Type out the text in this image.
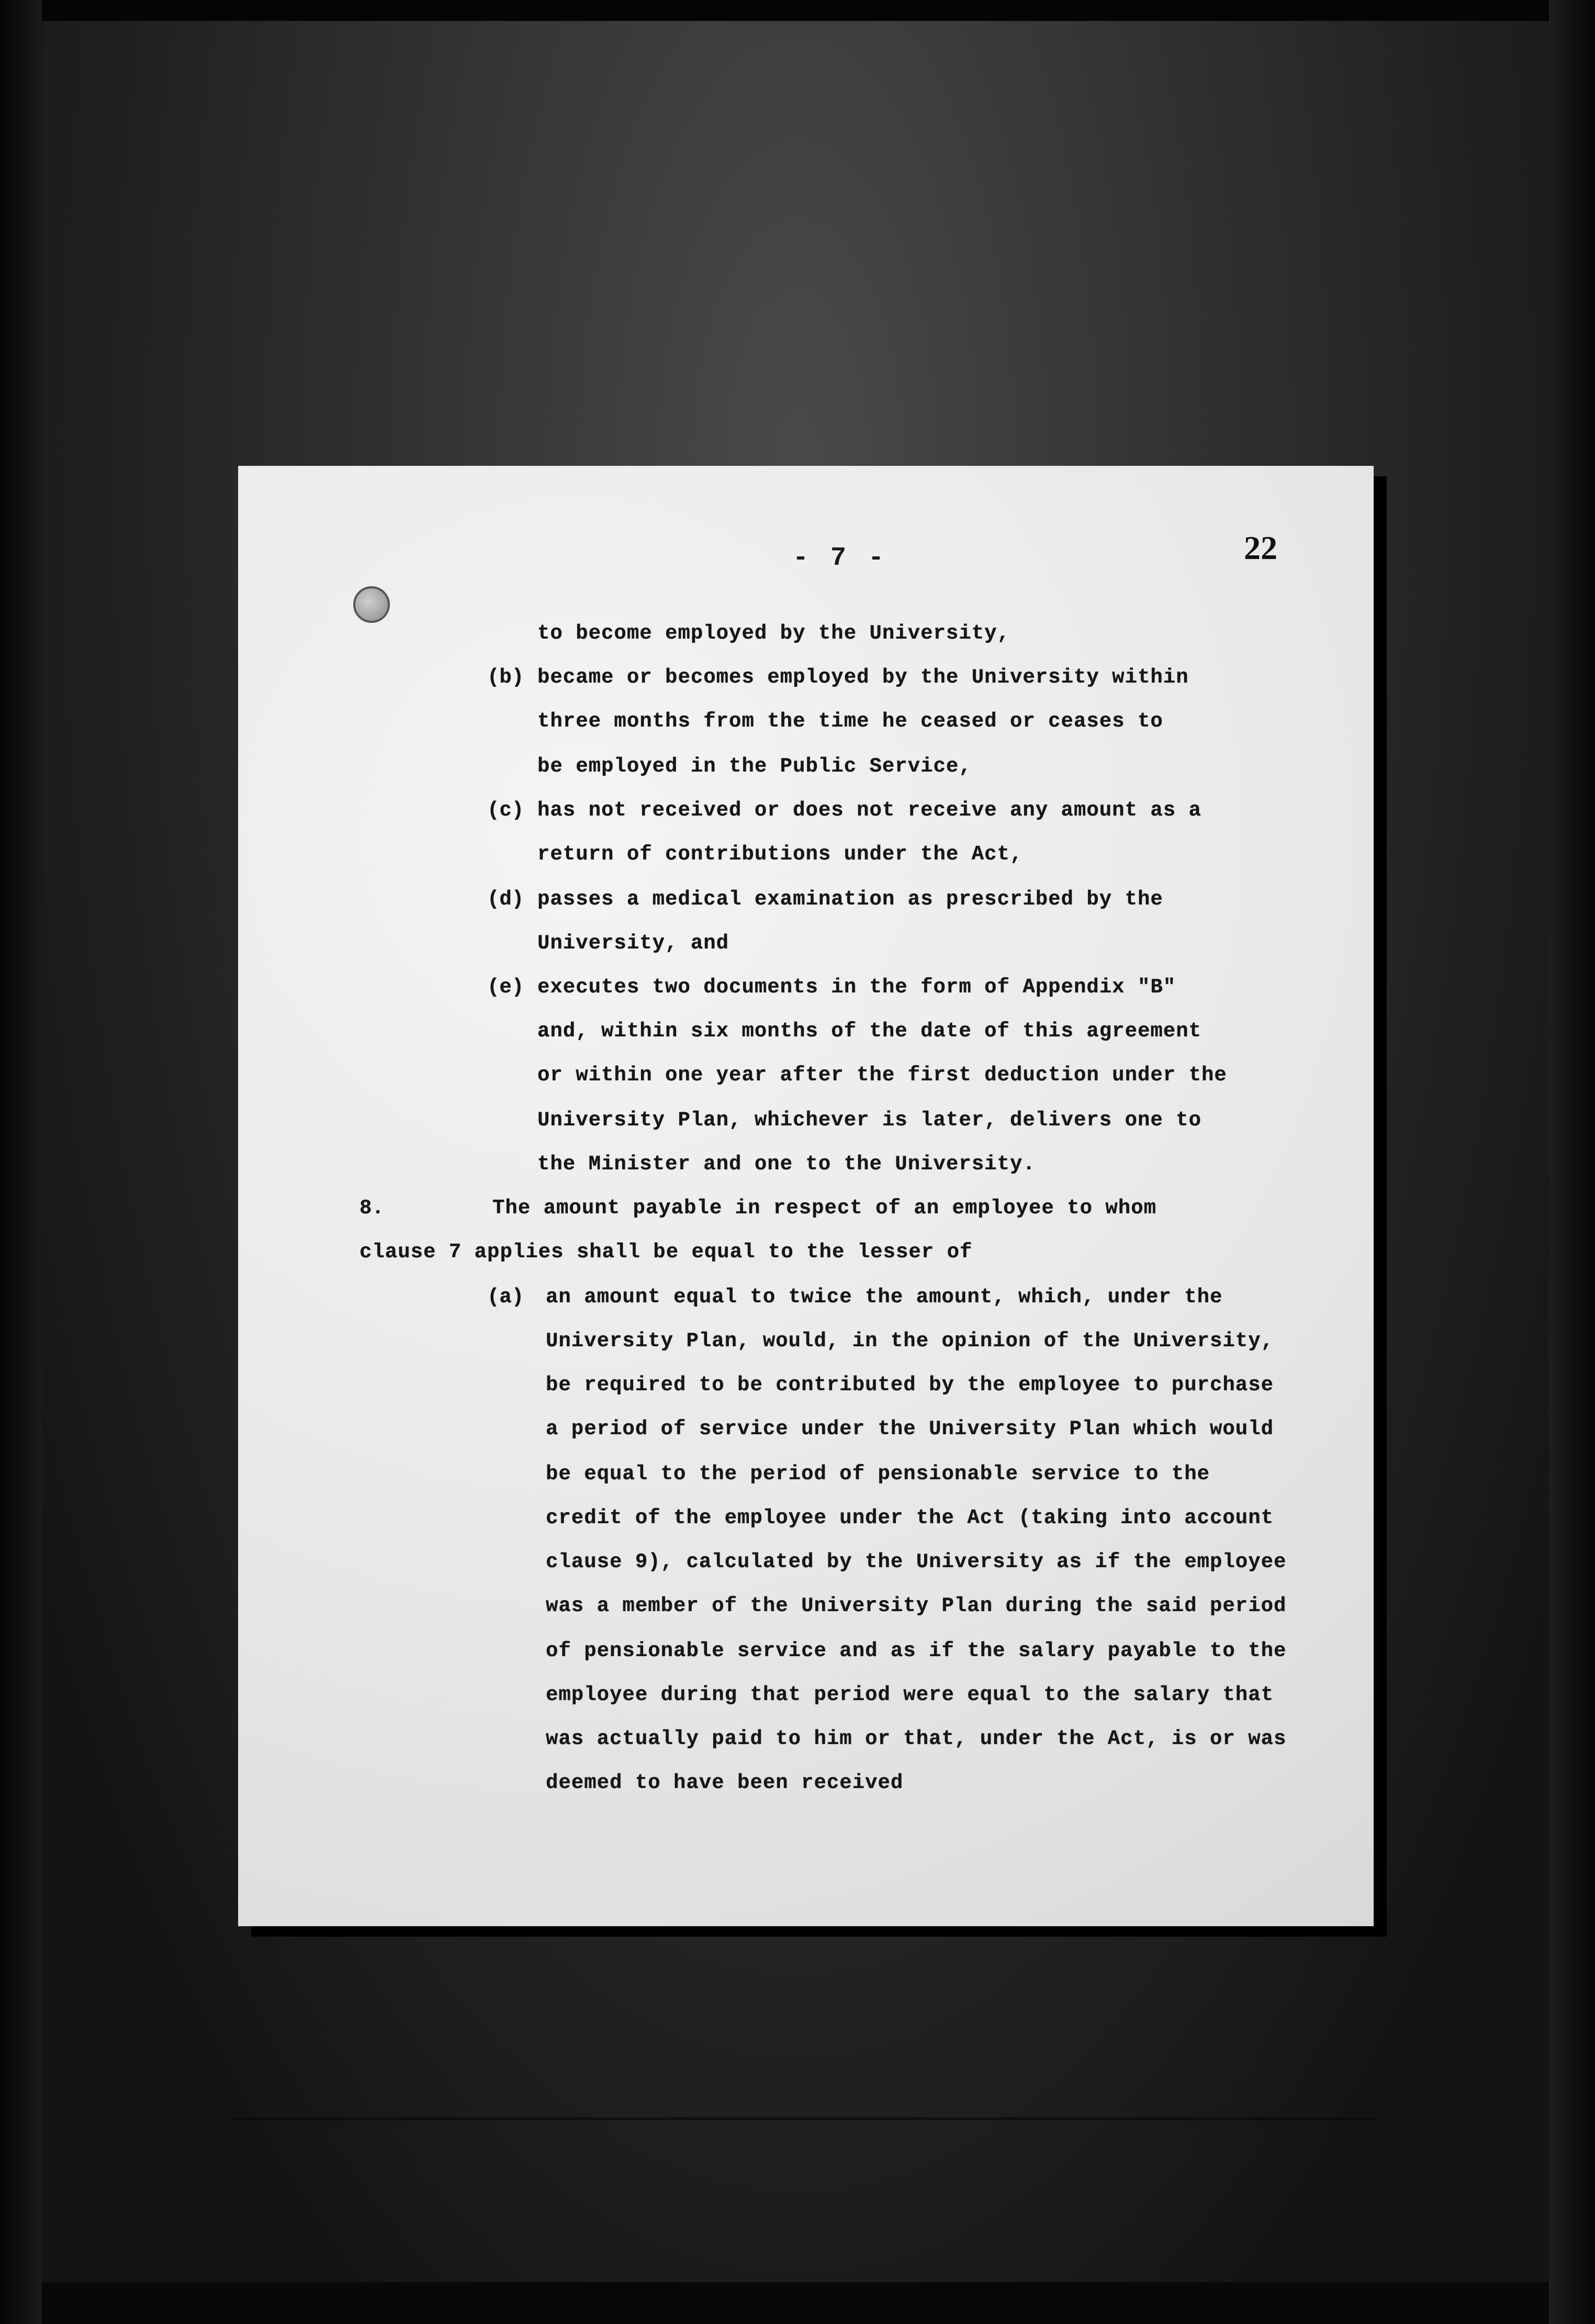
- 7 -	22
to become employed by the University,
(b) became or becomes employed by the University within
three months from the time he ceased or ceases to
be employed in the Public Service,
(c) has not received or does not receive any amount as a
return of contributions under the Act,
(d) passes a medical examination as prescribed by the
University, and
(e) executes two documents in the form of Appendix "B"
and, within six months of the date of this agreement
or within one year after the first deduction under the
University Plan, whichever is later, delivers one to
the Minister and one to the University.
8.	The amount payable in respect of an employee to whom
clause 7 applies shall be equal to the lesser of
(a) an amount equal to twice the amount, which, under the
University Plan, would, in the opinion of the University,
be required to be contributed by the employee to purchase
a period of service under the University Plan which would
be equal to the period of pensionable service to the
credit of the employee under the Act (taking into account
clause 9), calculated by the University as if the employee
was a member of the University Plan during the said period
of pensionable service and as if the salary payable to the
employee during that period were equal to the salary that
was actually paid to him or that, under the Act, is or was
deemed to have been received
